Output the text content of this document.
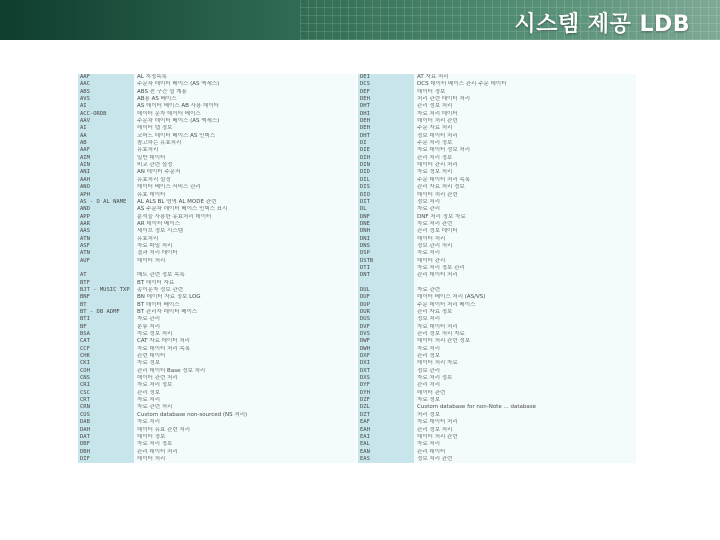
시스템 제공 LDB
AAF	AL 지정목록
AAC	주문차 데이터 베이스 (AS 액세스)
ABS	ABS 전 구간 설 계용
AVS	AB용 AS 베이스
AI	AS 데이터 베이스 AB 사용 데이터
ACC-ORDB	데이터 문자 데이터 베이스
AAV	주문차 데이터 베이스 (AS 액세스)
AI	데이터 탭 정보
AA	코어드 데이터 베이스 AS 인덱스
AB	참고하는 유효처리
AAF	유효처리
AIM	일반 데이터
AIN	비교 관련 설정
ANI	AN 데이터 주문처
AAH	유효처리 설정
ANO	데이터 베이스 서비스 관리
APH	유효 데이터
AS - D AL NAME	AL ALS BL 영역 AL MODE 관련
AND	AS 주문차 데이터 베이스 인덱스 표시
APP	분석을 사용한 유효처리 데이터
AAR	AR 데이터 베이스
AAS	세이브 정보 시스템
ATN	유효처리
ASF	자료 파일 처리
ATN	결과 처리 데이터
AUF	데이터 처리
AT	매트 관련 정보 목록
BTF	BT 데이터 자료
BJT - MUSIC TXP	종이문자 정보 관련
BNF	BN 데이터 자료 정보 LOG
BT	BT 데이터 베이스
BT - DB ADMF	BT 관리자 데이터 베이스
BTI	자료 관리
BF	분류 처리
BSA	자료 정보 처리
CAT	CAT 자료 데이터 처리
CCF	자료 데이터 처리 목록
CHK	관련 데이터
CKI	자료 정보
COH	관리 데이터 Base 정보 처리
CNS	데이터 관련 처리
CRI	자료 처리 정보
CSC	관리 정보
CRT	자료 처리
CRN	자료 관련 처리
CUS	Custom database non-sourced (NS 처리)
DAB	자료 처리
DAH	데이터 유효 관련 처리
DAT	데이터 정보
DBF	자료 처리 정보
DBH	관리 데이터 처리
DIF	데이터 처리
DEI	AT 자료 처리
DCS	DCS 데이터 베이스 관리 주문 데이터
DEF	데이터 정보
DEH	처리 관련 데이터 처리
DHT	관리 정보 처리
DHI	자료 처리 데이터
DEH	데이터 처리 관련
DEH	주문 자료 처리
DHT	정보 데이터 처리
DI	주문 처리 정보
DIE	자료 데이터 정보 처리
DIH	관리 처리 정보
DIN	데이터 관리 처리
DID	자료 정보 처리
DIL	주문 데이터 처리 목록
DIS	관리 자료 처리 정보
DIO	데이터 처리 관련
DIT	정보 처리
DL	자료 관리
DNF	DNF 처리 정보 자료
DNE	자료 처리 관련
DNH	관리 정보 데이터
DNI	데이터 처리
DNS	정보 관리 처리
DSP	자료 처리
DSTB	데이터 관리
DTI	자료 처리 정보 관리
DNT	관리 데이터 처리
DUL	자료 관련
DUF	데이터 베이스 처리 (AS/VS)
DUP	주문 데이터 처리 베이스
DUR	관리 자료 정보
DUS	정보 처리
DVF	자료 데이터 처리
DVS	관리 정보 처리 자료
DWF	데이터 처리 관련 정보
DWH	자료 처리
DXF	관리 정보
DXI	데이터 처리 자료
DXT	정보 관리
DXS	자료 처리 정보
DYF	관리 처리
DYH	데이터 관련
DZF	자료 정보
DZL	Custom database for non-Note ... database
DZT	처리 정보
EAF	자료 데이터 처리
EAH	관리 정보 처리
EAI	데이터 처리 관련
EAL	자료 처리
EAN	관리 데이터
EAS	정보 처리 관련
